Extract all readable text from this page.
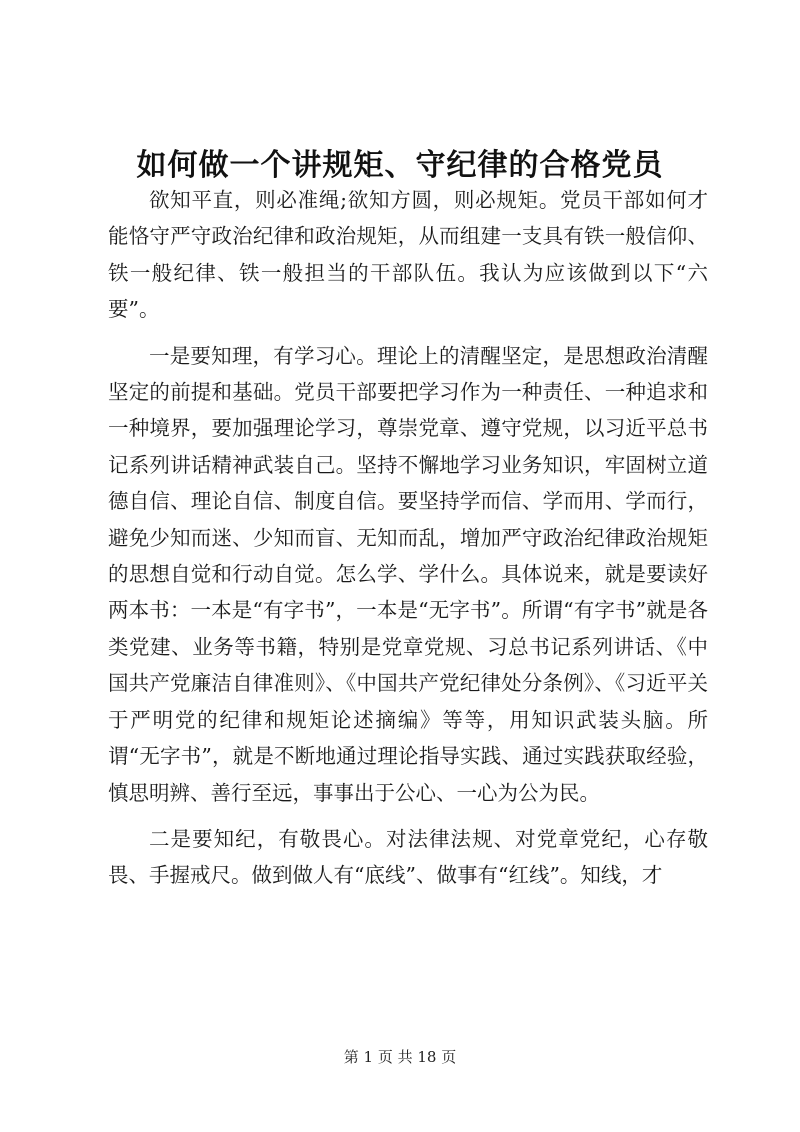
如何做一个讲规矩、守纪律的合格党员

欲知平直，则必准绳;欲知方圆，则必规矩。党员干部如何才能恪守严守政治纪律和政治规矩，从而组建一支具有铁一般信仰、铁一般纪律、铁一般担当的干部队伍。我认为应该做到以下“六要”。

一是要知理，有学习心。理论上的清醒坚定，是思想政治清醒坚定的前提和基础。党员干部要把学习作为一种责任、一种追求和一种境界，要加强理论学习，尊崇党章、遵守党规，以习近平总书记系列讲话精神武装自己。坚持不懈地学习业务知识，牢固树立道德自信、理论自信、制度自信。要坚持学而信、学而用、学而行，避免少知而迷、少知而盲、无知而乱，增加严守政治纪律政治规矩的思想自觉和行动自觉。怎么学、学什么。具体说来，就是要读好两本书：一本是“有字书”，一本是“无字书”。所谓“有字书”就是各类党建、业务等书籍，特别是党章党规、习总书记系列讲话、《中国共产党廉洁自律准则》、《中国共产党纪律处分条例》、《习近平关于严明党的纪律和规矩论述摘编》等等，用知识武装头脑。所谓“无字书”，就是不断地通过理论指导实践、通过实践获取经验，慎思明辨、善行至远，事事出于公心、一心为公为民。

二是要知纪，有敬畏心。对法律法规、对党章党纪，心存敬畏、手握戒尺。做到做人有“底线”、做事有“红线”。知线，才

第 1 页 共 18 页
